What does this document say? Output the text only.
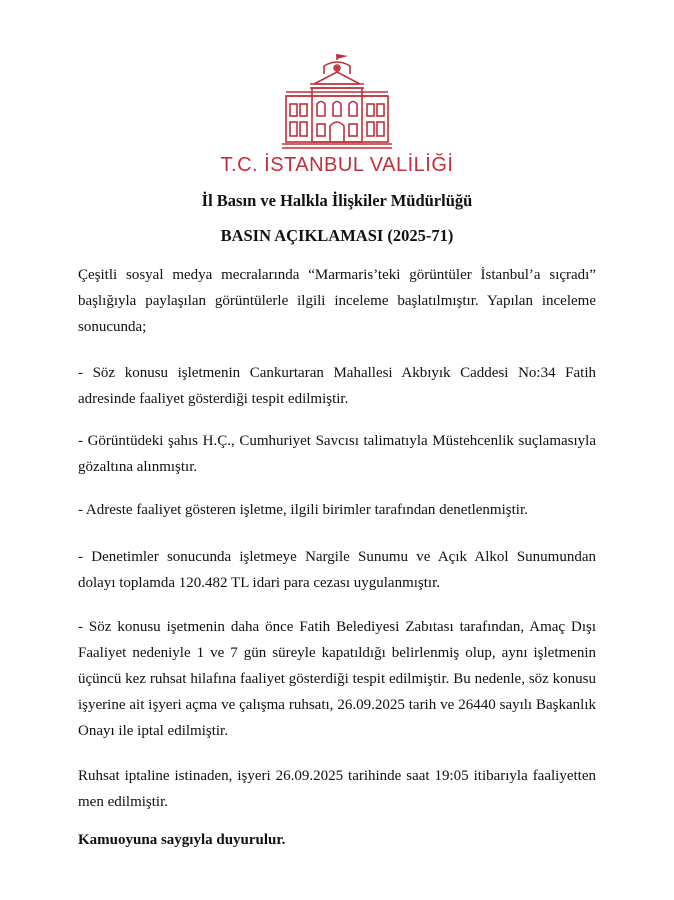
T.C. İSTANBUL VALİLİĞİ
İl Basın ve Halkla İlişkiler Müdürlüğü
BASIN AÇIKLAMASI (2025-71)
Çeşitli sosyal medya mecralarında “Marmaris’teki görüntüler İstanbul’a sıçradı” başlığıyla paylaşılan görüntülerle ilgili inceleme başlatılmıştır. Yapılan inceleme sonucunda;
- Söz konusu işletmenin Cankurtaran Mahallesi Akbıyık Caddesi No:34 Fatih adresinde faaliyet gösterdiği tespit edilmiştir.
- Görüntüdeki şahıs H.Ç., Cumhuriyet Savcısı talimatıyla Müstehcenlik suçlamasıyla gözaltına alınmıştır.
- Adreste faaliyet gösteren işletme, ilgili birimler tarafından denetlenmiştir.
- Denetimler sonucunda işletmeye Nargile Sunumu ve Açık Alkol Sunumundan dolayı toplamda 120.482 TL idari para cezası uygulanmıştır.
- Söz konusu işetmenin daha önce Fatih Belediyesi Zabıtası tarafından, Amaç Dışı Faaliyet nedeniyle 1 ve 7 gün süreyle kapatıldığı belirlenmiş olup, aynı işletmenin üçüncü kez ruhsat hilafına faaliyet gösterdiği tespit edilmiştir. Bu nedenle, söz konusu işyerine ait işyeri açma ve çalışma ruhsatı, 26.09.2025 tarih ve 26440 sayılı Başkanlık Onayı ile iptal edilmiştir.
Ruhsat iptaline istinaden, işyeri 26.09.2025 tarihinde saat 19:05 itibarıyla faaliyetten men edilmiştir.
Kamuoyuna saygıyla duyurulur.
